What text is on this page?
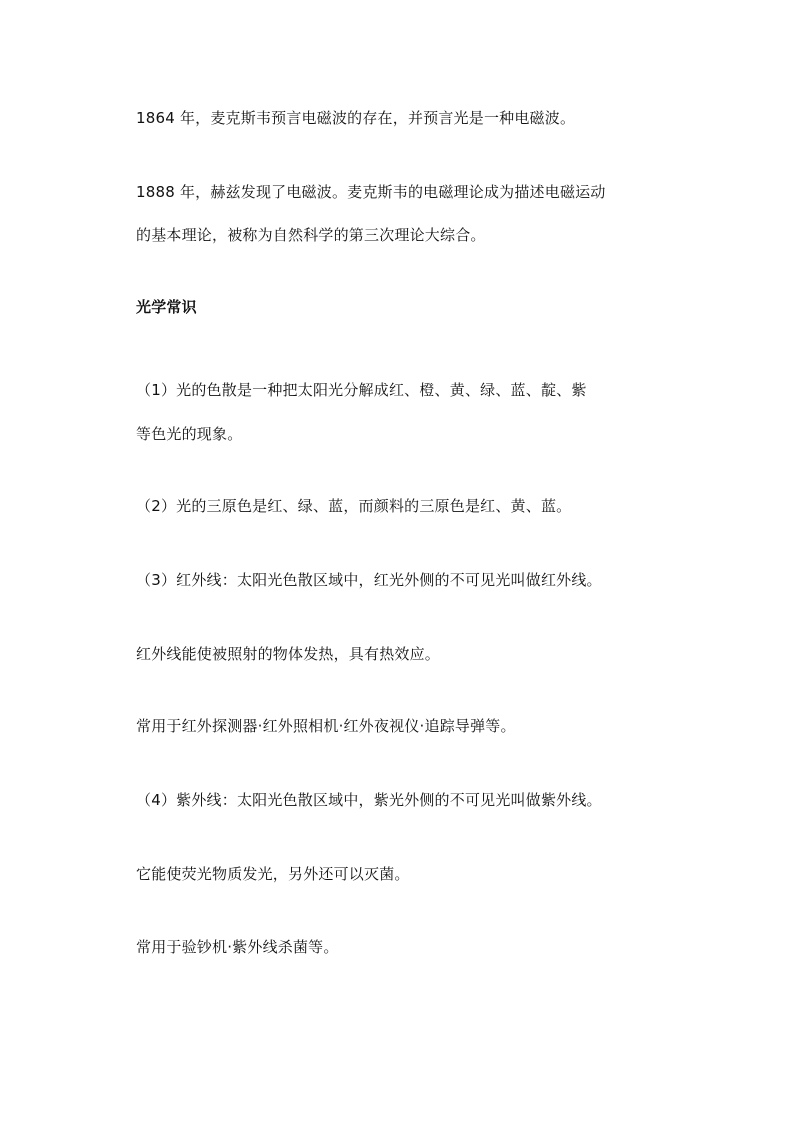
1864 年，麦克斯韦预言电磁波的存在，并预言光是一种电磁波。
1888 年，赫兹发现了电磁波。麦克斯韦的电磁理论成为描述电磁运动
的基本理论，被称为自然科学的第三次理论大综合。
光学常识
（1）光的色散是一种把太阳光分解成红、橙、黄、绿、蓝、靛、紫
等色光的现象。
（2）光的三原色是红、绿、蓝，而颜料的三原色是红、黄、蓝。
（3）红外线：太阳光色散区域中，红光外侧的不可见光叫做红外线。
红外线能使被照射的物体发热，具有热效应。
常用于红外探测器·红外照相机·红外夜视仪·追踪导弹等。
（4）紫外线：太阳光色散区域中，紫光外侧的不可见光叫做紫外线。
它能使荧光物质发光，另外还可以灭菌。
常用于验钞机·紫外线杀菌等。
